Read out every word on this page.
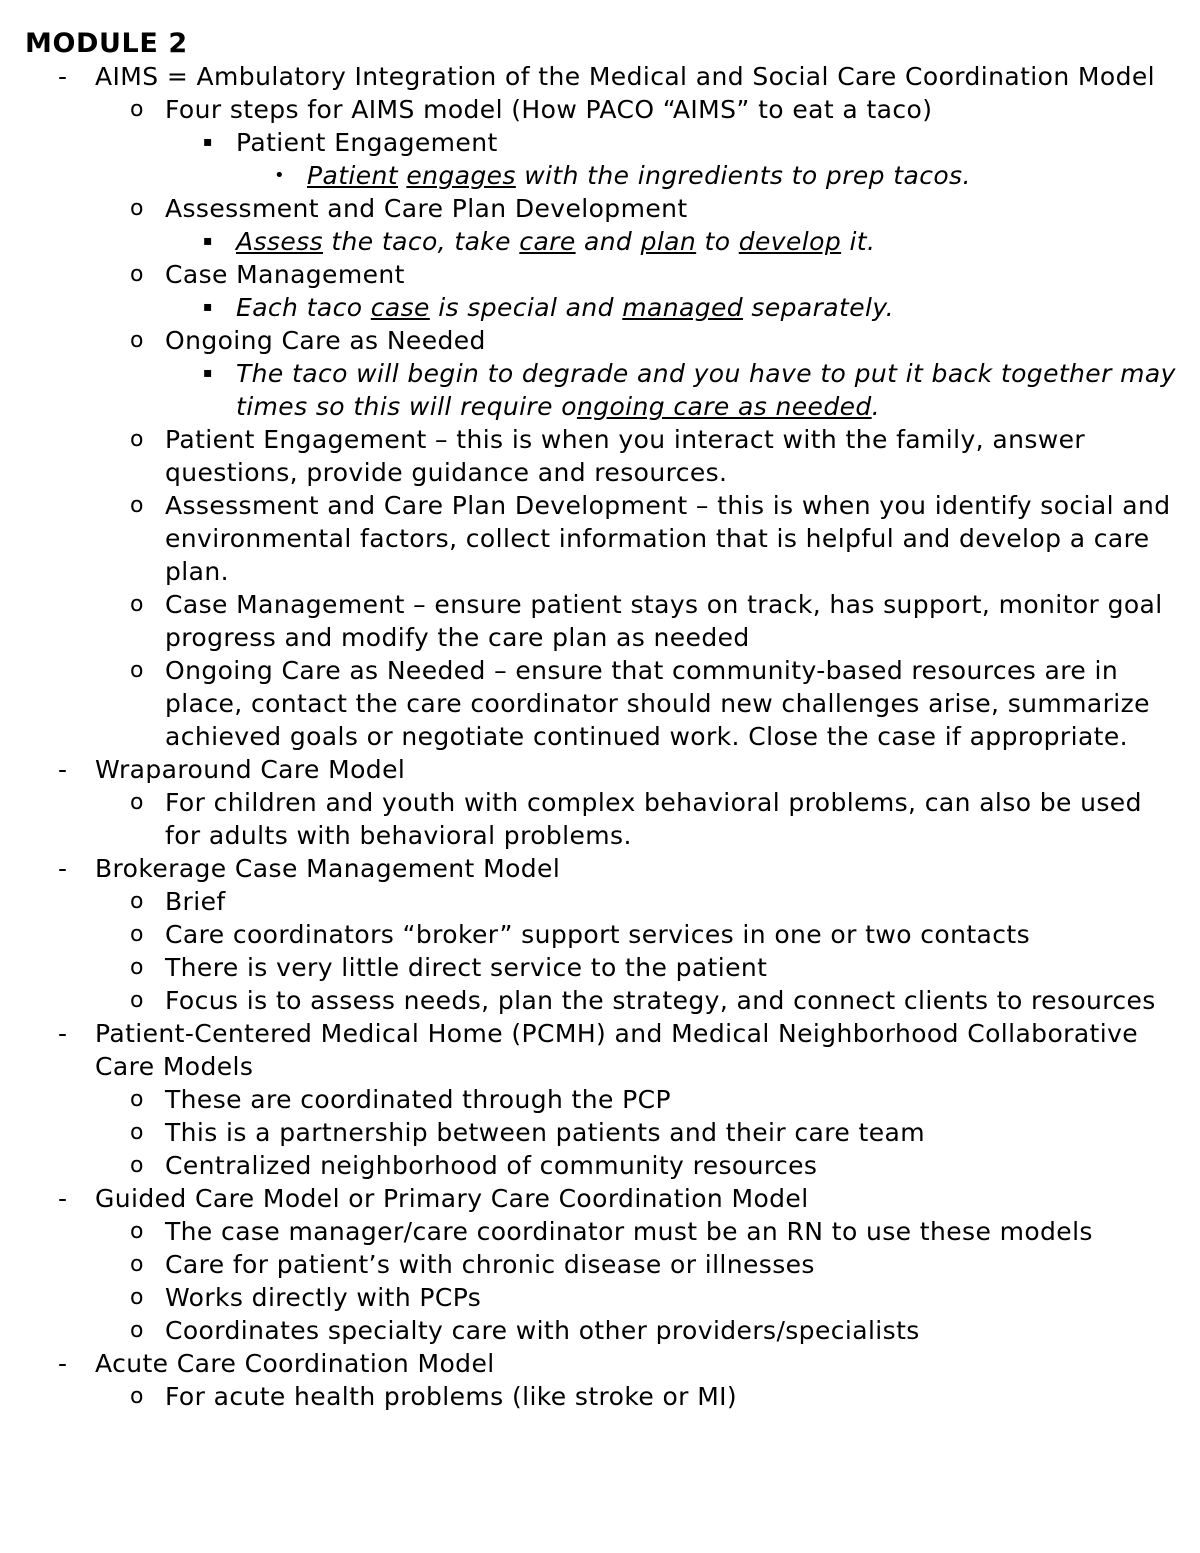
MODULE 2
- AIMS = Ambulatory Integration of the Medical and Social Care Coordination Model
o Four steps for AIMS model (How PACO “AIMS” to eat a taco)
▪ Patient Engagement
• Patient engages with the ingredients to prep tacos.
o Assessment and Care Plan Development
▪ Assess the taco, take care and plan to develop it.
o Case Management
▪ Each taco case is special and managed separately.
o Ongoing Care as Needed
▪ The taco will begin to degrade and you have to put it back together may times so this will require ongoing care as needed.
o Patient Engagement – this is when you interact with the family, answer questions, provide guidance and resources.
o Assessment and Care Plan Development – this is when you identify social and environmental factors, collect information that is helpful and develop a care plan.
o Case Management – ensure patient stays on track, has support, monitor goal progress and modify the care plan as needed
o Ongoing Care as Needed – ensure that community-based resources are in place, contact the care coordinator should new challenges arise, summarize achieved goals or negotiate continued work. Close the case if appropriate.
- Wraparound Care Model
o For children and youth with complex behavioral problems, can also be used for adults with behavioral problems.
- Brokerage Case Management Model
o Brief
o Care coordinators “broker” support services in one or two contacts
o There is very little direct service to the patient
o Focus is to assess needs, plan the strategy, and connect clients to resources
- Patient-Centered Medical Home (PCMH) and Medical Neighborhood Collaborative Care Models
o These are coordinated through the PCP
o This is a partnership between patients and their care team
o Centralized neighborhood of community resources
- Guided Care Model or Primary Care Coordination Model
o The case manager/care coordinator must be an RN to use these models
o Care for patient’s with chronic disease or illnesses
o Works directly with PCPs
o Coordinates specialty care with other providers/specialists
- Acute Care Coordination Model
o For acute health problems (like stroke or MI)
